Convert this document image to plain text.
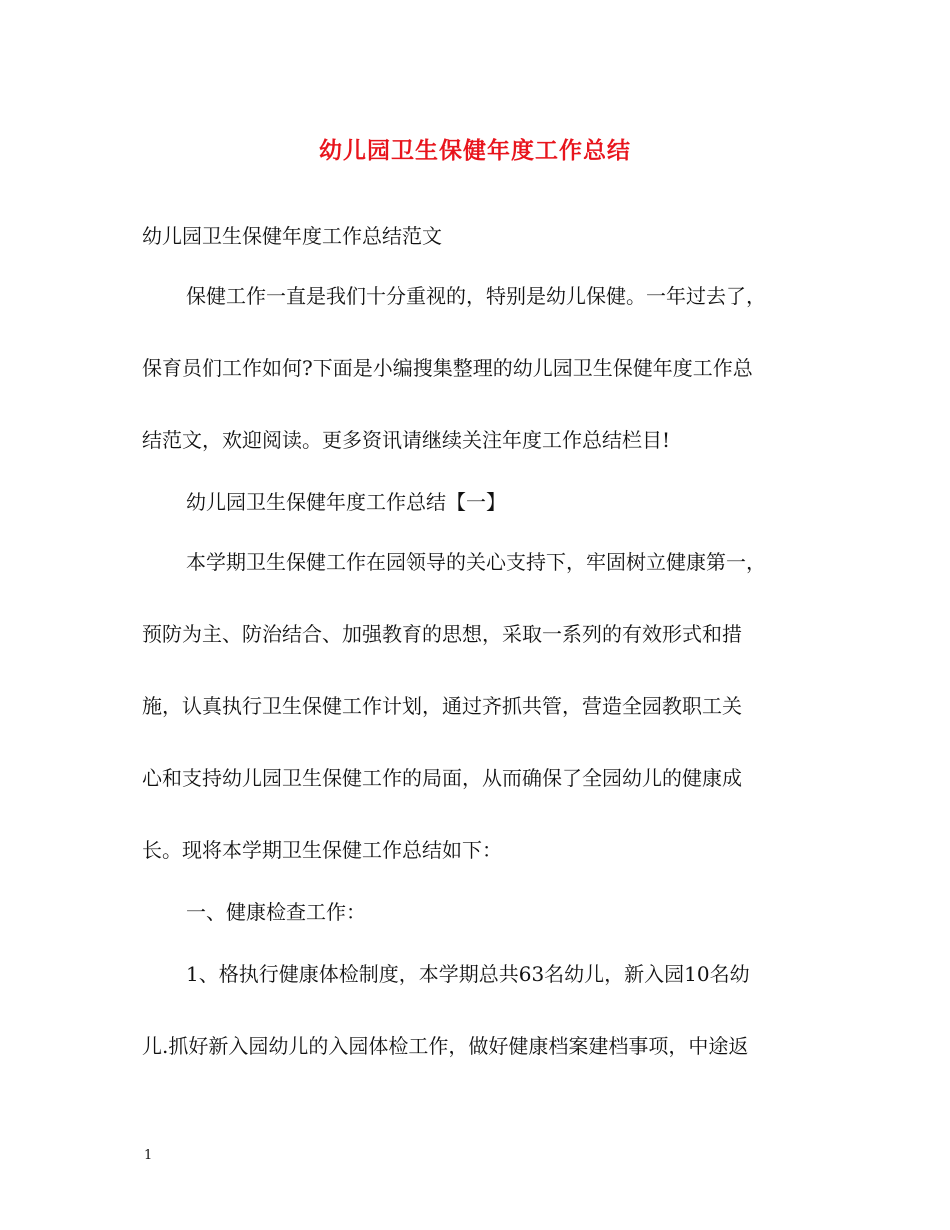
幼儿园卫生保健年度工作总结
幼儿园卫生保健年度工作总结范文
保健工作一直是我们十分重视的，特别是幼儿保健。一年过去了，
保育员们工作如何?下面是小编搜集整理的幼儿园卫生保健年度工作总
结范文，欢迎阅读。更多资讯请继续关注年度工作总结栏目!
幼儿园卫生保健年度工作总结【一】
本学期卫生保健工作在园领导的关心支持下，牢固树立健康第一，
预防为主、防治结合、加强教育的思想，采取一系列的有效形式和措
施，认真执行卫生保健工作计划，通过齐抓共管，营造全园教职工关
心和支持幼儿园卫生保健工作的局面，从而确保了全园幼儿的健康成
长。现将本学期卫生保健工作总结如下：
一、健康检查工作：
1、格执行健康体检制度，本学期总共63名幼儿，新入园10名幼
儿.抓好新入园幼儿的入园体检工作，做好健康档案建档事项，中途返
1
